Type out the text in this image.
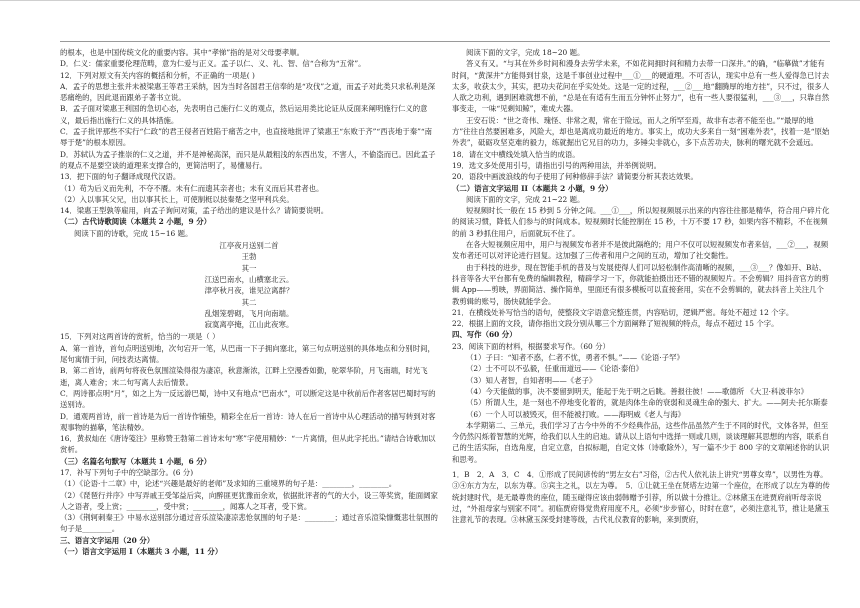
的根本，也是中国传统文化的重要内容。其中“孝悌”指的是对父母要孝顺。

D．仁义：儒家重要伦理范畴，意为仁爱与正义。孟子以仁、义、礼、智、信“合称为“五常”。

12．下列对原文有关内容的概括和分析，不正确的一项是( )

A．孟子的思想主张并未被梁惠王等君王采纳，因为当时各国君王信奉的是“攻伐”之道，而孟子对此类只求私利是深恶痛绝的，因此退而跟弟子著书立说。

B．孟子面对梁惠王利国的急切心态，先表明自己施行仁义的观点，然后运用类比论证从反面来阐明施行仁义的意义，最后指出施行仁义的具体措施。

C．孟子批评那些不实行“仁政”的君王侵者百姓陷于痛苦之中，也直接地批评了梁惠王“东败于齐”“西丧地于秦”“南辱于楚”的根本原因。

D．苏轼认为孟子推崇的仁义之道，并不是神秘高深，而只是从最粗浅的东西出发，不害人，不偷盗而已。因此孟子的观点不是要空谈的道理来支撑合的，更简洁明了，易懂易行。

13．把下面的句子翻译成现代汉语。

（1）苟为后义而先利，不夺不餍。未有仁而遗其亲者也；未有义而后其君者也。

（2）入以事其父兄，出以事其长上，可使制梃以挞秦楚之坚甲利兵矣。

14．梁惠王型孰等雇用，向孟子询问对策，孟子给出的建议是什么？请简要说明。

（二）古代诗歌阅读（本题共 2 小题，9 分）

阅读下面的诗歌，完成 15~16 题。

江亭夜月送别二首

王勃

其一

江送巴南水，山横塞北云。

津亭秋月夜，谁见泣离群？

其二

乱烟笼碧砌，飞月向南端。

寂寞离亭掩，江山此夜寒。

15．下列对这两首诗的赏析，恰当的一项是（ ）

A．第一首诗，首句点明送别地，次句宕开一笔，从巴南一下子拥向塞北，第三句点明送别的具体地点和分别时间，尾句寓情于问，问技表达离情。

B．第二首诗，前两句将夜色氛围渲染得很为凄凉，秋意渐浓，江畔上空漫香如勤，驼翠华阶，月飞南端，时光飞逝，离人难舍；末二句写离人去后情景。

C．两诗都点明“月”，如之上为一反远游巴蜀，诗中又有地点“巴南水”，可以断定这是中秋前后作者客居巴蜀时写的送别诗。

D．通观两首诗，前一首诗是为后一首诗作铺垫，精彩全在后一首诗：诗人在后一首诗中从心理活动的描写转到对客观事物的描摹，笔法精妙。

16．黄叔灿在《唐诗笺注》里称赞王勃第二首诗末句“寒”字使用精妙：“一片离情，但从此字托出。”请结合诗歌加以赏析。

（三）名篇名句默写（本题共 1 小题，6 分）

17．补写下列句子中的空缺部分。(6 分)

（1）《论语·十二章》中，论述“兴趣是最好的老师”及求知的三重境界的句子是：________，________。

（2）《琵琶行并序》中写弄戚王受邹益后宾，向醉匪更犹豫而余欢，依据批评者的气的大小，设三等奖赏，能面阔家人之语者，受上赏；________，受中赏；________，闻寡人之耳者，受下赏。

（3）《荆轲刺秦王》中易水送别部分通过音乐渲染凄凉悲怆氛围的句子是：________；通过音乐渲染慷慨悲壮氛围的句子是________。

三、语言文字运用（20 分）

（一）语言文字运用 I（本题共 3 小题，11 分）

阅读下面的文字，完成 18~20 题。

答义有又。“与其在外乡时间和漫身去劳学未来，不如花间拥时间和精力去带一口深井。”的确，“临摹做”才能有时间，“黄深井”方能得到甘泉，这是千事创业过程中___①___的硬道理。不可否认，现实中总有一些人爱得急已讨去太多，收获太少，其实，把功夫花问在乎实处处。这是一定的过程，___②___地“翻腾厚的地方挂”，只不过，很多人人欲之功利，遇到困难就想不前，“总是在有适有生而五分钟怀止努力”，也有一些人要很猛利，___③___，只靠自然事变走，一味“见剩知鲸”，难成大器。

王安石说：“世之奇伟、瑰怪、非常之观，常在于险远，而人之所罕至焉，故非有志者不能至也。”“最厚的地方”往往自然要困难多，风险大，却也是离成功最近的地方。事实上，成功大多来自一刻“困难外表”，找着一是“原始外表”，砥砺攻坚克难的毅力，练就掘出它兄目的功力，多锤尖非就心，多下点苦功夫，脉利的曙光就不会遥远。

18．请在文中横线处填入恰当的成语。

19．选文多处使用引号，请指出引号的两种用法，并举例说明。

20．语段中画波浪线的句子使用了何种修辞手法？请简要分析其表达效果。

（二）语言文字运用 II（本题共 2 小题，9 分）

阅读下面的文字，完成 21~22 题。

短视频时长一般在 15 秒到 5 分钟之间。___①___，所以短视频展示出来的内容往往都是精华，符合用户碎片化的阅读习惯，降低人们参与的时间成本。短视频时长能控制在 15 秒，十万不要 17 秒，如果内容不精彩，不在视频的前 3 秒抓住用户，后面就玩不住了。

在各大短视频应用中，用户与视频发布者并不是彼此隔绝的；用户不仅可以短视频发布者来信，___②___，视频发布者还可以对评论进行回复。这加强了三传者和用户之间的互动，增加了社交黏性。

由于科技的进步，现在智能手机的普及与发展使得人们可以轻松制作高清晰的视频，___③___？像如开、B站、抖音等各大平台都有免费的编辑教程，精辟学习一下，你就能拍摄出还不错的视频短片。不会剪辑？用抖音官方的剪辑 App——剪映，界面简洁、操作简单，里面还有很多模板可以直接套用，实在不会剪辑的，就去抖音上关注几个教剪辑的账号，肠快就能学会。

21．在横线处补写恰当的语句，使整段文字语意完整连贯，内容贴切，逻辑严密。每处不超过 12 个字。

22．根据上面的文段，请你指出文段分别从哪三个方面阐释了短视频的特点，每点不超过 15 个字。

四、写作（60 分）

23．阅读下面的材料，根据要求写作。（60 分）

（1）子曰：“知者不惑，仁者不忧，勇者不惧。”——《论语·子罕》

（2）士不可以不弘毅，任重而道远——《论语·泰伯》

（3）知人者智，自知者明——《老子》

（4）今天能做的事，决不要留到明天，能起于先于明之后眺。善报往彼！——歌德所 《大卫·科波菲尔》

（5）所谓人生，是一刻也不停地变化着的，就是肉体生命的衰弱和灵魂生命的强大、扩大。——阿夫·托尔斯泰

（6）一个人可以被毁灭，但不能被打败。——海明威《老人与海》

本学期第二、三单元，我们学习了古今中外的不少经典作品，这些作品虽然产生于不同的时代，文体各异，但至今仍然闪烁着智慧的光辉，给我们以人生的启迪。请从以上语句中选择一则或几则，谈谈理解其思想的内容，联系自己的生活实际，自选角度，自定立意，自拟标题，自定文体（诗歌除外），写一篇不少于 800 字的文章阐述你的认识和思考。

1．B　2．A　3．C　4．①形成了民间谚传的“男左女右”习俗，②古代人依礼法上讲究“男尊女卑”，以男性为尊。③④东方为左，以东为尊。⑤宾主之礼，以左为尊。　5．①让就王坐在贤塔左边第一个座位，在形成了以左为尊的传统封建时代，是无最尊贵的座位，随玉碰得应该由弱韩赠予引荐，所以做十分推让。②林黛玉在进贾府前听母亲说过，“外祖母家与别家不同”。初临贾府得觉贵府用度不凡，必须“步步留心，时时在意”，必须注意礼节，推让是黛玉注意礼节的表现。③林黛玉深受封建等级，古代礼仪教育的影响，来到贾府，
